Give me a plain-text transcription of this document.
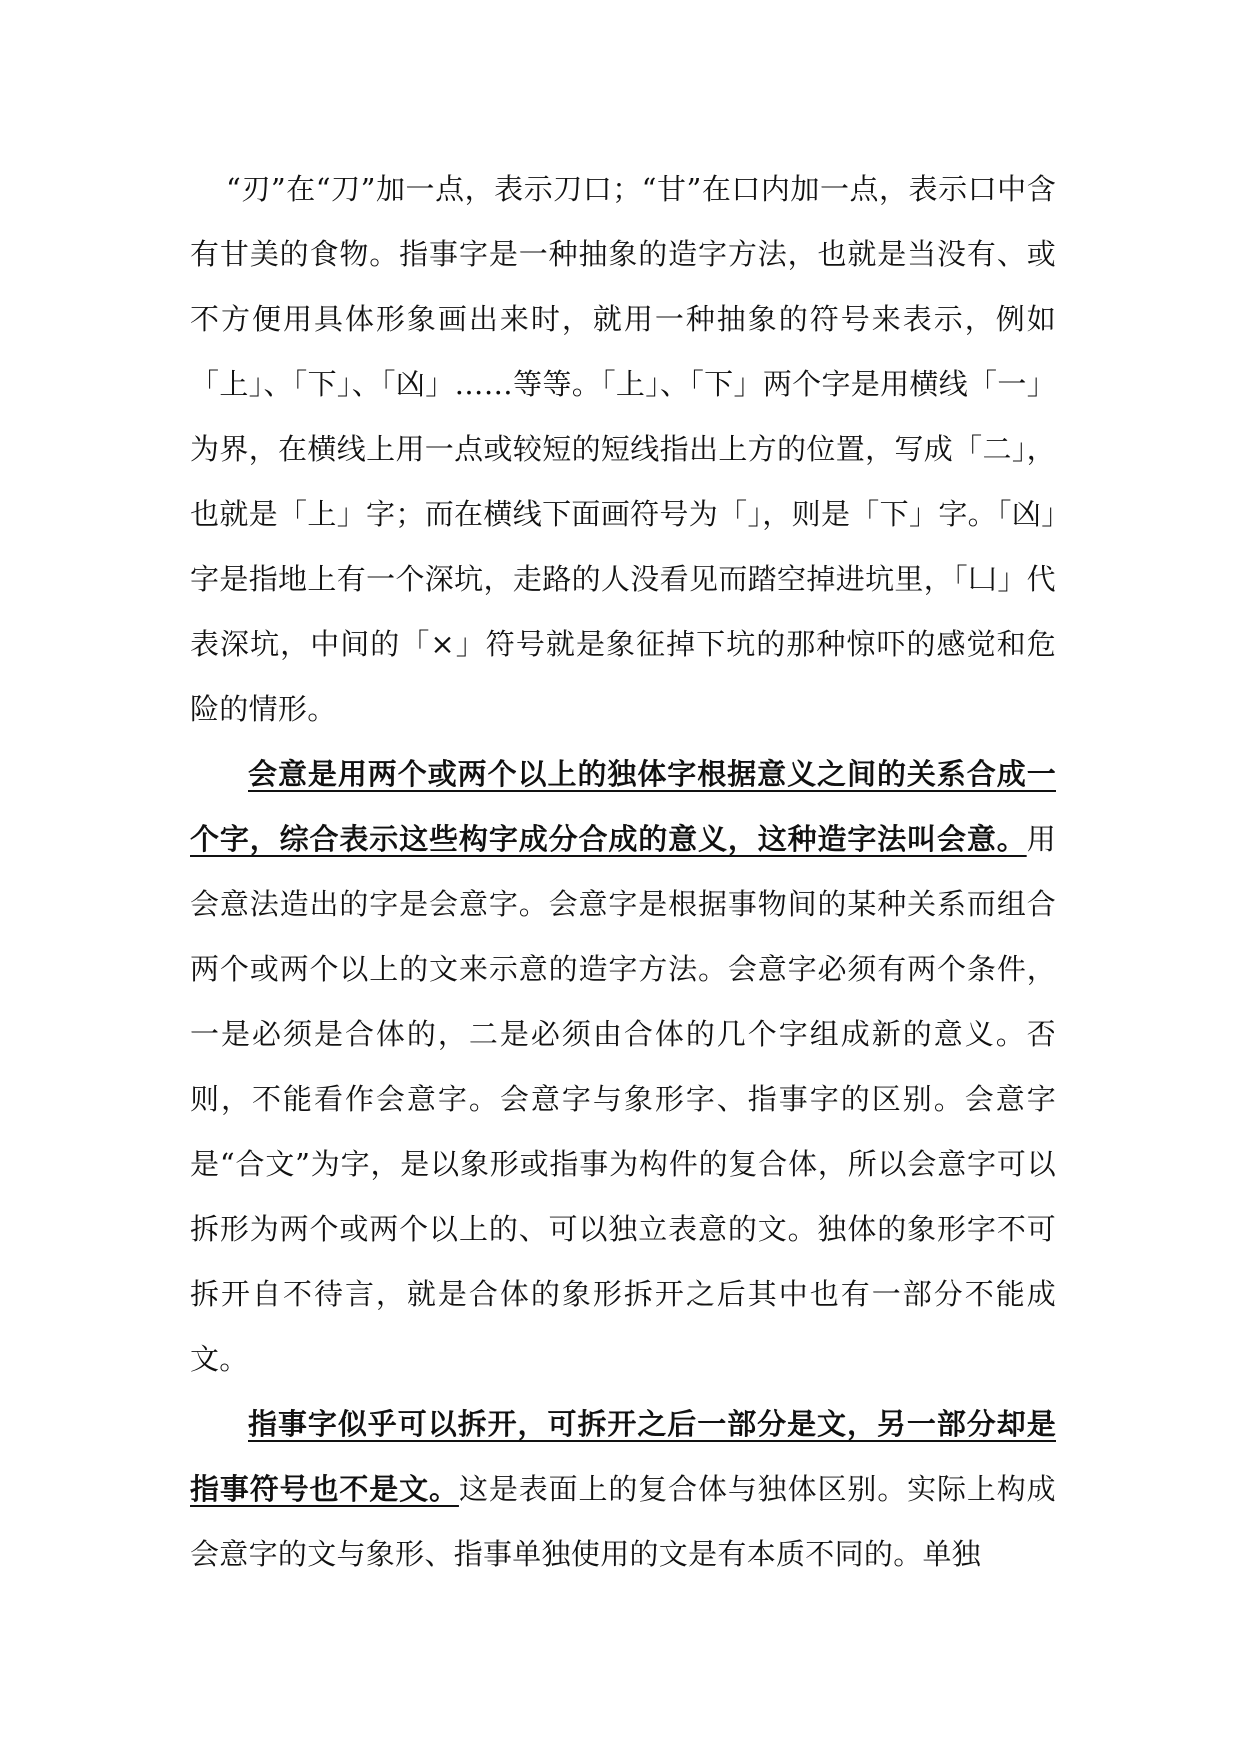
“刃”在“刀”加一点，表示刀口；“甘”在口内加一点，表示口中含有甘美的食物。指事字是一种抽象的造字方法，也就是当没有、或不方便用具体形象画出来时，就用一种抽象的符号来表示，例如「上」、「下」、「凶」……等等。「上」、「下」两个字是用横线「一」为界，在横线上用一点或较短的短线指出上方的位置，写成「二」，也就是「上」字；而在横线下面画符号为「」，则是「下」字。「凶」字是指地上有一个深坑，走路的人没看见而踏空掉进坑里，「凵」代表深坑，中间的「×」符号就是象征掉下坑的那种惊吓的感觉和危险的情形。

会意是用两个或两个以上的独体字根据意义之间的关系合成一个字，综合表示这些构字成分合成的意义，这种造字法叫会意。用会意法造出的字是会意字。会意字是根据事物间的某种关系而组合两个或两个以上的文来示意的造字方法。会意字必须有两个条件，一是必须是合体的，二是必须由合体的几个字组成新的意义。否则，不能看作会意字。会意字与象形字、指事字的区别。会意字是“合文”为字，是以象形或指事为构件的复合体，所以会意字可以拆形为两个或两个以上的、可以独立表意的文。独体的象形字不可拆开自不待言，就是合体的象形拆开之后其中也有一部分不能成文。

指事字似乎可以拆开，可拆开之后一部分是文，另一部分却是指事符号也不是文。这是表面上的复合体与独体区别。实际上构成会意字的文与象形、指事单独使用的文是有本质不同的。单独
